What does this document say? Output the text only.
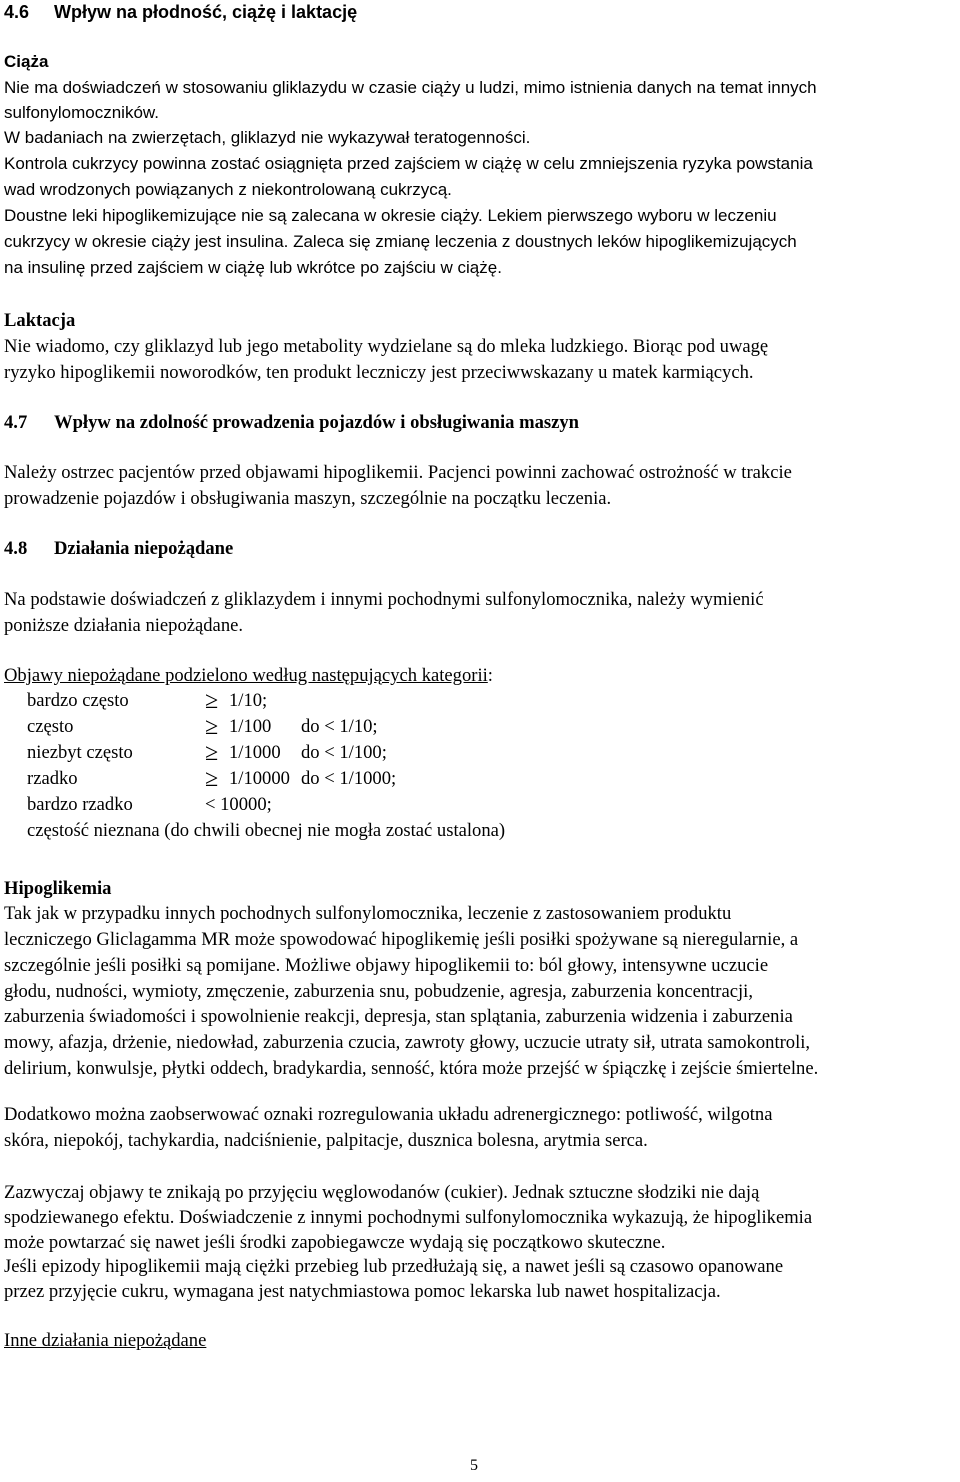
4.6 Wpływ na płodność, ciążę i laktację
Ciąża
Nie ma doświadczeń w stosowaniu gliklazydu w czasie ciąży u ludzi, mimo istnienia danych na temat innych
sulfonylomoczników.
W badaniach na zwierzętach, gliklazyd nie wykazywał teratogenności.
Kontrola cukrzycy powinna zostać osiągnięta przed zajściem w ciążę w celu zmniejszenia ryzyka powstania
wad wrodzonych powiązanych z niekontrolowaną cukrzycą.
Doustne leki hipoglikemizujące nie są zalecana w okresie ciąży. Lekiem pierwszego wyboru w leczeniu
cukrzycy w okresie ciąży jest insulina. Zaleca się zmianę leczenia z doustnych leków hipoglikemizujących
na insulinę przed zajściem w ciążę lub wkrótce po zajściu w ciążę.
Laktacja
Nie wiadomo, czy gliklazyd lub jego metabolity wydzielane są do mleka ludzkiego. Biorąc pod uwagę
ryzyko hipoglikemii noworodków, ten produkt leczniczy jest przeciwwskazany u matek karmiących.
4.7 Wpływ na zdolność prowadzenia pojazdów i obsługiwania maszyn
Należy ostrzec pacjentów przed objawami hipoglikemii. Pacjenci powinni zachować ostrożność w trakcie
prowadzenie pojazdów i obsługiwania maszyn, szczególnie na początku leczenia.
4.8 Działania niepożądane
Na podstawie doświadczeń z gliklazydem i innymi pochodnymi sulfonylomocznika, należy wymienić
poniższe działania niepożądane.
Objawy niepożądane podzielono według następujących kategorii:
bardzo często	≥ 1/10;
często	≥ 1/100 do < 1/10;
niezbyt często	≥ 1/1000 do < 1/100;
rzadko	≥ 1/10000 do < 1/1000;
bardzo rzadko	< 10000;
częstość nieznana (do chwili obecnej nie mogła zostać ustalona)
Hipoglikemia
Tak jak w przypadku innych pochodnych sulfonylomocznika, leczenie z zastosowaniem produktu
leczniczego Gliclagamma MR może spowodować hipoglikemię jeśli posiłki spożywane są nieregularnie, a
szczególnie jeśli posiłki są pomijane. Możliwe objawy hipoglikemii to: ból głowy, intensywne uczucie
głodu, nudności, wymioty, zmęczenie, zaburzenia snu, pobudzenie, agresja, zaburzenia koncentracji,
zaburzenia świadomości i spowolnienie reakcji, depresja, stan splątania, zaburzenia widzenia i zaburzenia
mowy, afazja, drżenie, niedowład, zaburzenia czucia, zawroty głowy, uczucie utraty sił, utrata samokontroli,
delirium, konwulsje, płytki oddech, bradykardia, senność, która może przejść w śpiączkę i zejście śmiertelne.
Dodatkowo można zaobserwować oznaki rozregulowania układu adrenergicznego: potliwość, wilgotna
skóra, niepokój, tachykardia, nadciśnienie, palpitacje, dusznica bolesna, arytmia serca.
Zazwyczaj objawy te znikają po przyjęciu węglowodanów (cukier). Jednak sztuczne słodziki nie dają
spodziewanego efektu. Doświadczenie z innymi pochodnymi sulfonylomocznika wykazują, że hipoglikemia
może powtarzać się nawet jeśli środki zapobiegawcze wydają się początkowo skuteczne.
Jeśli epizody hipoglikemii mają ciężki przebieg lub przedłużają się, a nawet jeśli są czasowo opanowane
przez przyjęcie cukru, wymagana jest natychmiastowa pomoc lekarska lub nawet hospitalizacja.
Inne działania niepożądane
5
